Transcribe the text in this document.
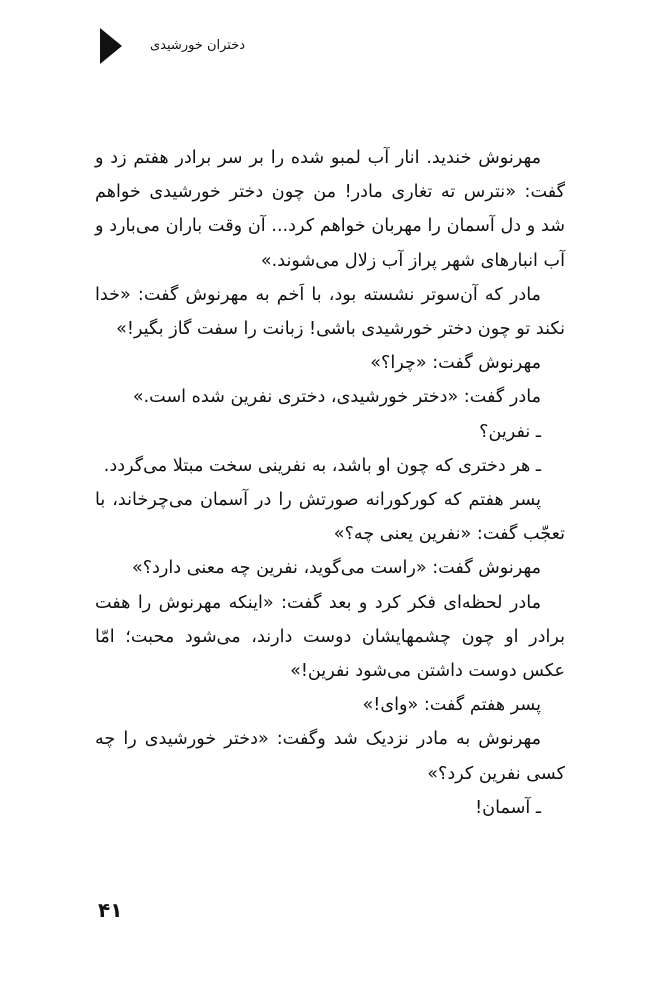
دختران خورشیدی

مهرنوش خندید. انار آب لمبو شده را بر سر برادر هفتم زد و گفت: «نترس ته تغاری مادر! من چون دختر خورشیدی خواهم شد و دل آسمان را مهربان خواهم کرد... آن وقت باران می‌بارد و آب انبارهای شهر پراز آب زلال می‌شوند.»

مادر که آن‌سوتر نشسته بود، با اَخم به مهرنوش گفت: «خدا نکند تو چون دختر خورشیدی باشی! زبانت را سفت گاز بگیر!»

مهرنوش گفت: «چرا؟»

مادر گفت: «دختر خورشیدی، دختری نفرین شده است.»

ـ نفرین؟

ـ هر دختری که چون او باشد، به نفرینی سخت مبتلا می‌گردد.

پسر هفتم که کورکورانه صورتش را در آسمان می‌چرخاند، با تعجّب گفت: «نفرین یعنی چه؟»

مهرنوش گفت: «راست می‌گوید، نفرین چه معنی دارد؟»

مادر لحظه‌ای فکر کرد و بعد گفت: «اینکه مهرنوش را هفت برادر او چون چشمهایشان دوست دارند، می‌شود محبت؛ امّا عکس دوست داشتن می‌شود نفرین!»

پسر هفتم گفت: «وای!»

مهرنوش به مادر نزدیک شد وگفت: «دختر خورشیدی را چه کسی نفرین کرد؟»

ـ آسمان!

۴۱
